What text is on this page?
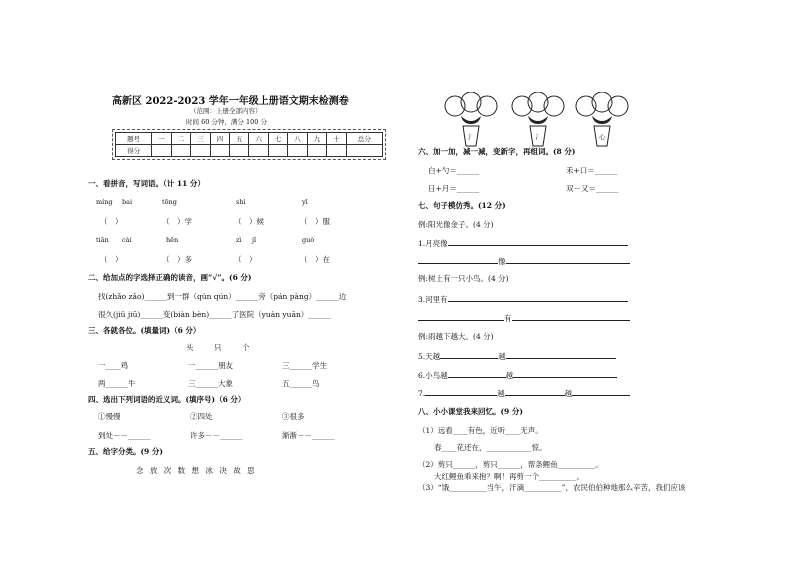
高新区 2022-2023 学年一年级上册语文期末检测卷
（范围：上册全部内容）
时间 60 分钟，满分 100 分
题号	一	二	三	四	五	六	七	八	九	十	总分
得分											
一、看拼音，写词语。（计 11 分）
míng bai	tōng	shì	yī
（　）	（　）学	（　）候	（　）服
tiān cài	hēn	zì jǐ	guò
（　）	（　）多	（　）	（　）在
二、给加点的字选择正确的读音，画“√”。(6 分)
找(zhǎo zǎo)______到一群（qún qún）______旁（pán pàng）______边
很久(jiǔ jiū)______变(biàn bèn)______了医院（yuàn yuān）______
三、各就各位。(填量词)（6 分）
头	只	个
一____鸡	一______朋友	三______学生
两______牛	三______大象	五______鸟
四、选出下列词语的近义词。(填序号)（6 分）
①慢慢	②四处	③很多
到处－－______	许多－－______	渐渐－－______
五、给字分类。(9 分)
念 放 次 数 想 冰 决 故 思
⺡	冫	心
六、加一加，减一减，变新字，再组词。(8 分)
白+勺＝______	禾+口＝______
日+月＝______	双－又＝______
七、句子模仿秀。(12 分)
例:阳光像金子。(4 分)
1.月亮像
像
例:树上有一只小鸟。(4 分)
3.河里有
有
例:雨越下越大。(4 分)
5.天越	越
6.小鸟越	越
7.	越	越
八、小小课堂我来回忆。(9 分)
（1）远看____有色，近听____无声。
春____花还在，____________惊。
（2）剪只______，剪只______，帮条鲤鱼__________。
大红鲤鱼乖来抱？啊！再剪一个__________。
（3）“饿__________当午，汗滴__________”，农民伯伯种地那么辛苦，我们应该
